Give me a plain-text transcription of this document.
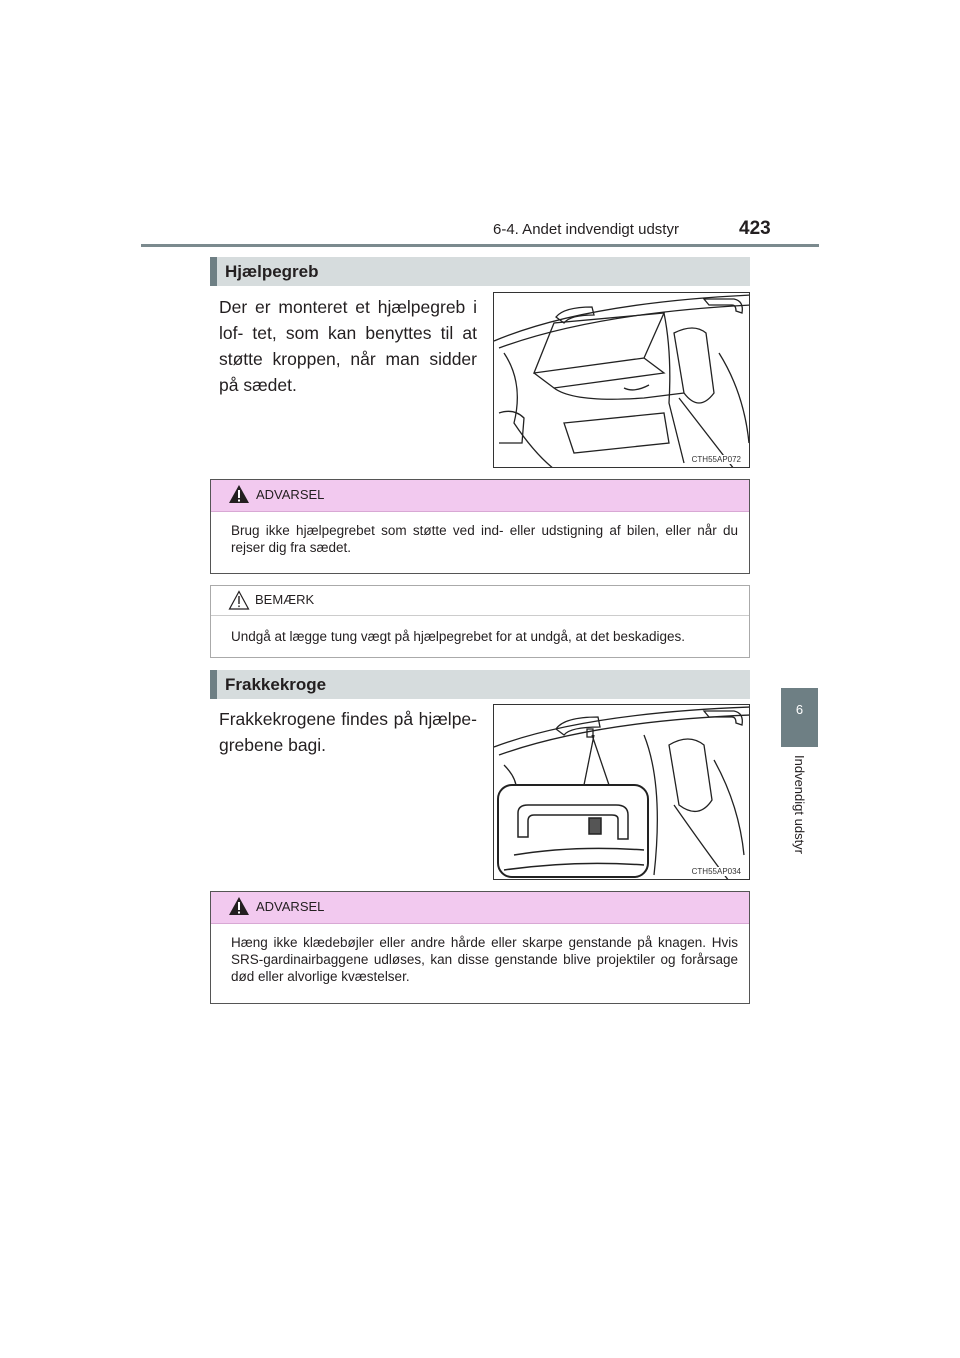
6-4. Andet indvendigt udstyr	423
6
Indvendigt udstyr
Hjælpegreb
Der er monteret et hjælpegreb i lof- tet, som kan benyttes til at støtte kroppen, når man sidder på sædet.
CTH55AP072
ADVARSEL
Brug ikke hjælpegrebet som støtte ved ind- eller udstigning af bilen, eller når du rejser dig fra sædet.
BEMÆRK
Undgå at lægge tung vægt på hjælpegrebet for at undgå, at det beskadiges.
Frakkekroge
Frakkekrogene findes på hjælpe- grebene bagi.
CTH55AP034
ADVARSEL
Hæng ikke klædebøjler eller andre hårde eller skarpe genstande på knagen. Hvis SRS-gardinairbaggene udløses, kan disse genstande blive projektiler og forårsage død eller alvorlige kvæstelser.
